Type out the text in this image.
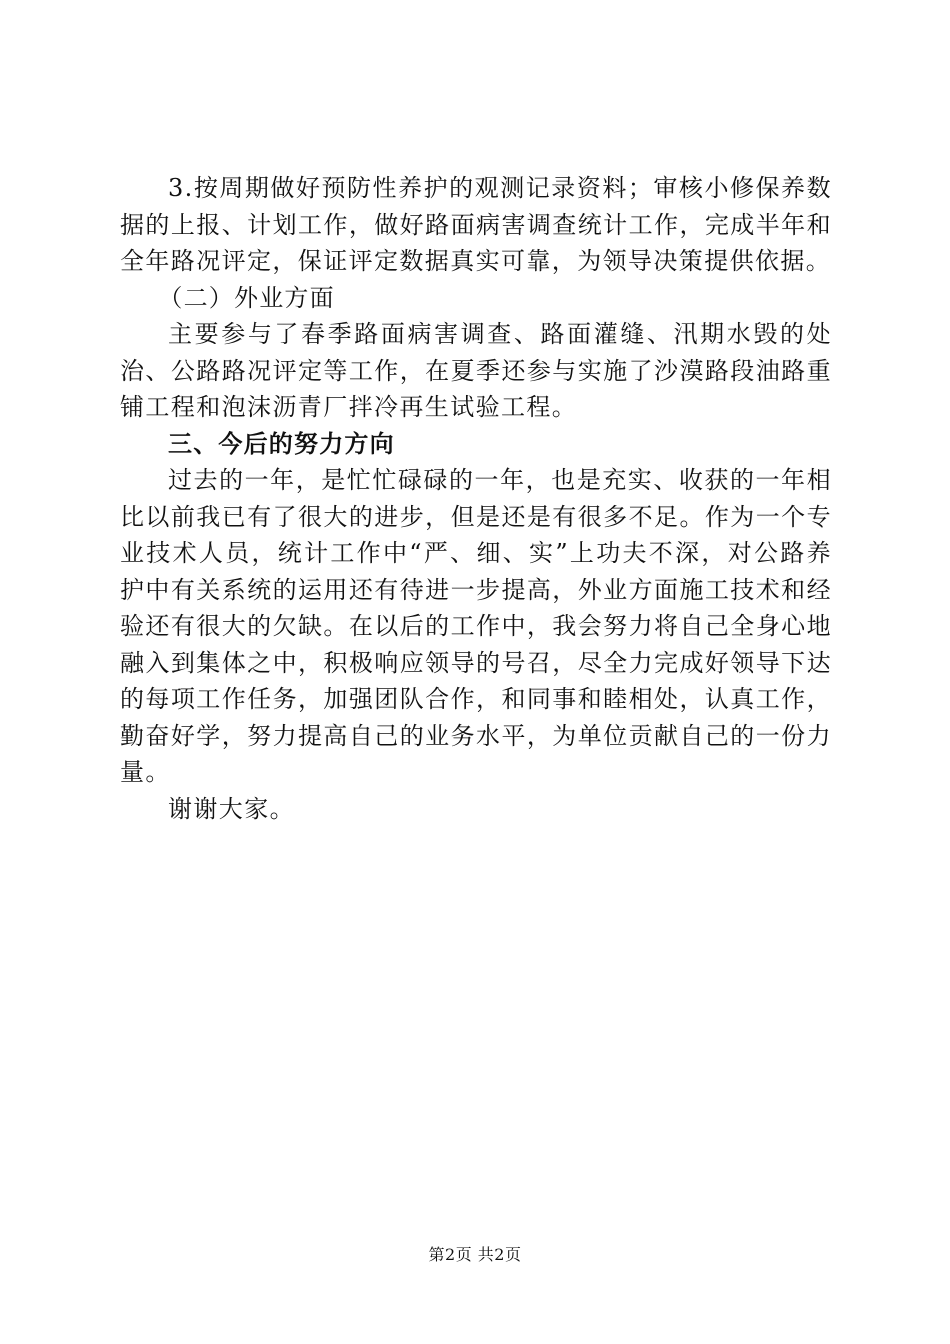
3.按周期做好预防性养护的观测记录资料；审核小修保养数据的上报、计划工作，做好路面病害调查统计工作，完成半年和全年路况评定，保证评定数据真实可靠，为领导决策提供依据。

（二）外业方面

主要参与了春季路面病害调查、路面灌缝、汛期水毁的处治、公路路况评定等工作，在夏季还参与实施了沙漠路段油路重铺工程和泡沫沥青厂拌冷再生试验工程。

三、今后的努力方向

过去的一年，是忙忙碌碌的一年，也是充实、收获的一年相比以前我已有了很大的进步，但是还是有很多不足。作为一个专业技术人员，统计工作中“严、细、实”上功夫不深，对公路养护中有关系统的运用还有待进一步提高，外业方面施工技术和经验还有很大的欠缺。在以后的工作中，我会努力将自己全身心地融入到集体之中，积极响应领导的号召，尽全力完成好领导下达的每项工作任务，加强团队合作，和同事和睦相处，认真工作，勤奋好学，努力提高自己的业务水平，为单位贡献自己的一份力量。

谢谢大家。

第2页 共2页
